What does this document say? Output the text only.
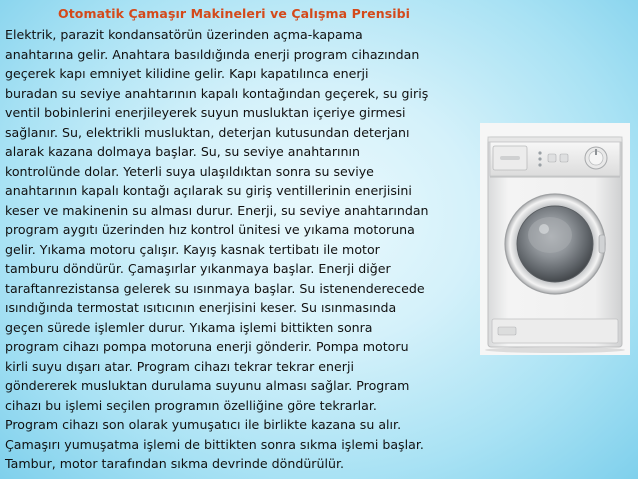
Otomatik Çamaşır Makineleri ve Çalışma Prensibi
Elektrik, parazit kondansatörün üzerinden açma-kapama
anahtarına gelir. Anahtara basıldığında enerji program cihazından
geçerek kapı emniyet kilidine gelir. Kapı kapatılınca enerji
buradan su seviye anahtarının kapalı kontağından geçerek, su giriş
ventil bobinlerini enerjileyerek suyun musluktan içeriye girmesi
sağlanır. Su, elektrikli musluktan, deterjan kutusundan deterjanı
alarak kazana dolmaya başlar. Su, su seviye anahtarının
kontrolünde dolar. Yeterli suya ulaşıldıktan sonra su seviye
anahtarının kapalı kontağı açılarak su giriş ventillerinin enerjisini
keser ve makinenin su alması durur. Enerji, su seviye anahtarından
program aygıtı üzerinden hız kontrol ünitesi ve yıkama motoruna
gelir. Yıkama motoru çalışır. Kayış kasnak tertibatı ile motor
tamburu döndürür. Çamaşırlar yıkanmaya başlar. Enerji diğer
taraftanrezistansa gelerek su ısınmaya başlar. Su istenenderecede
ısındığında termostat ısıtıcının enerjisini keser. Su ısınmasında
geçen sürede işlemler durur. Yıkama işlemi bittikten sonra
program cihazı pompa motoruna enerji gönderir. Pompa motoru
kirli suyu dışarı atar. Program cihazı tekrar tekrar enerji
göndererek musluktan durulama suyunu alması sağlar. Program
cihazı bu işlemi seçilen programın özelliğine göre tekrarlar.
Program cihazı son olarak yumuşatıcı ile birlikte kazana su alır.
Çamaşırı yumuşatma işlemi de bittikten sonra sıkma işlemi başlar.
Tambur, motor tarafından sıkma devrinde döndürülür.
